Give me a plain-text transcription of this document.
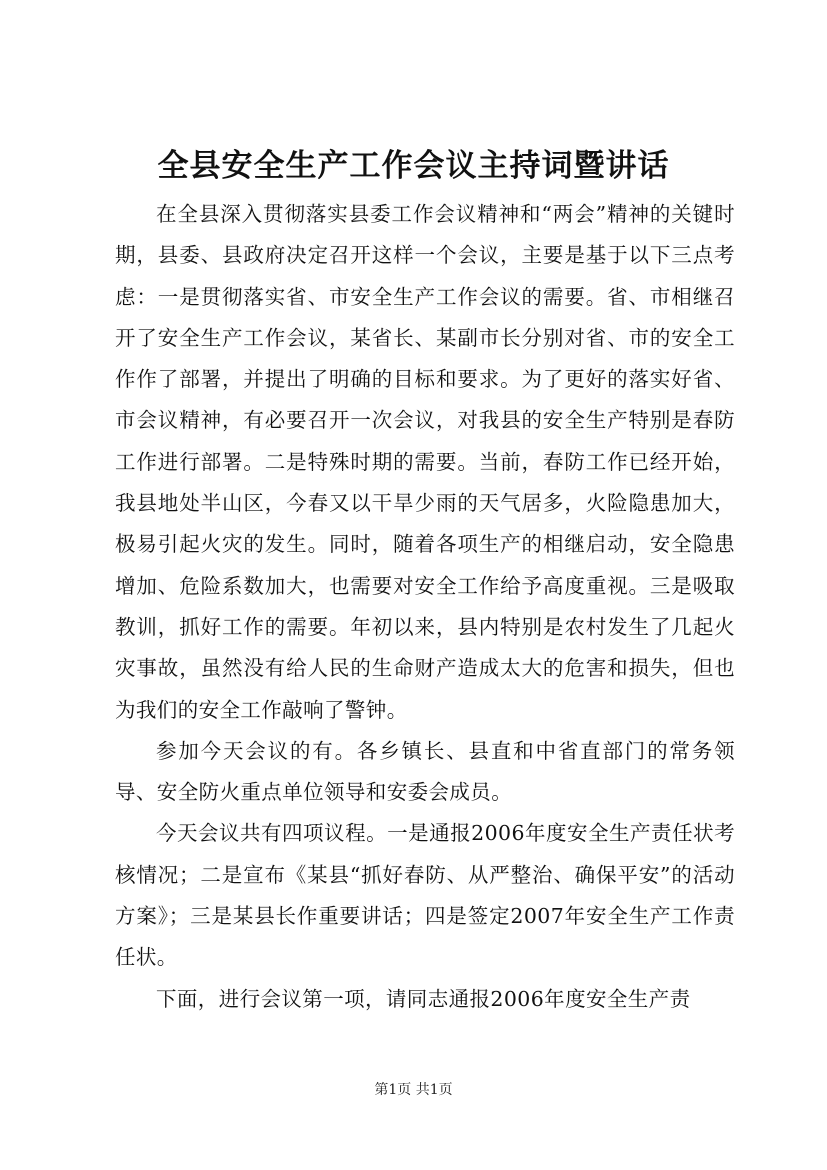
全县安全生产工作会议主持词暨讲话

在全县深入贯彻落实县委工作会议精神和“两会”精神的关键时期，县委、县政府决定召开这样一个会议，主要是基于以下三点考虑：一是贯彻落实省、市安全生产工作会议的需要。省、市相继召开了安全生产工作会议，某省长、某副市长分别对省、市的安全工作作了部署，并提出了明确的目标和要求。为了更好的落实好省、市会议精神，有必要召开一次会议，对我县的安全生产特别是春防工作进行部署。二是特殊时期的需要。当前，春防工作已经开始，我县地处半山区，今春又以干旱少雨的天气居多，火险隐患加大，极易引起火灾的发生。同时，随着各项生产的相继启动，安全隐患增加、危险系数加大，也需要对安全工作给予高度重视。三是吸取教训，抓好工作的需要。年初以来，县内特别是农村发生了几起火灾事故，虽然没有给人民的生命财产造成太大的危害和损失，但也为我们的安全工作敲响了警钟。

参加今天会议的有。各乡镇长、县直和中省直部门的常务领导、安全防火重点单位领导和安委会成员。

今天会议共有四项议程。一是通报2006年度安全生产责任状考核情况；二是宣布《某县“抓好春防、从严整治、确保平安”的活动方案》；三是某县长作重要讲话；四是签定2007年安全生产工作责任状。

下面，进行会议第一项，请同志通报2006年度安全生产责

第1页 共1页
